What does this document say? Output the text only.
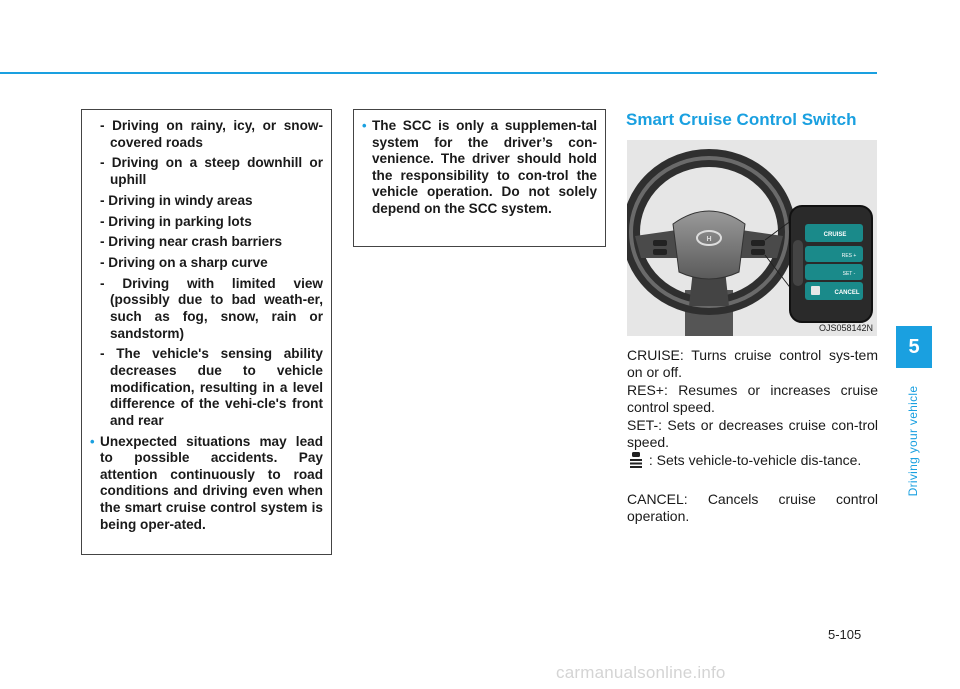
- Driving on rainy, icy, or snow-covered roads
- Driving on a steep downhill or uphill
- Driving in windy areas
- Driving in parking lots
- Driving near crash barriers
- Driving on a sharp curve
- Driving with limited view (possibly due to bad weath-er, such as fog, snow, rain or sandstorm)
- The vehicle's sensing ability decreases due to vehicle modification, resulting in a level difference of the vehi-cle's front and rear
• Unexpected situations may lead to possible accidents. Pay attention continuously to road conditions and driving even when the smart cruise control system is being oper-ated.
• The SCC is only a supplemen-tal system for the driver’s con-venience. The driver should hold the responsibility to con-trol the vehicle operation. Do not solely depend on the SCC system.
Smart Cruise Control Switch
H
CRUISE
RES +
SET -
CANCEL
OJS058142N

CRUISE: Turns cruise control sys-tem on or off.

RES+: Resumes or increases cruise control speed.

SET-: Sets or decreases cruise con-trol speed.

: Sets vehicle-to-vehicle dis-tance.

CANCEL: Cancels cruise control operation.

5
Driving your vehicle
5-105
carmanualsonline.info
